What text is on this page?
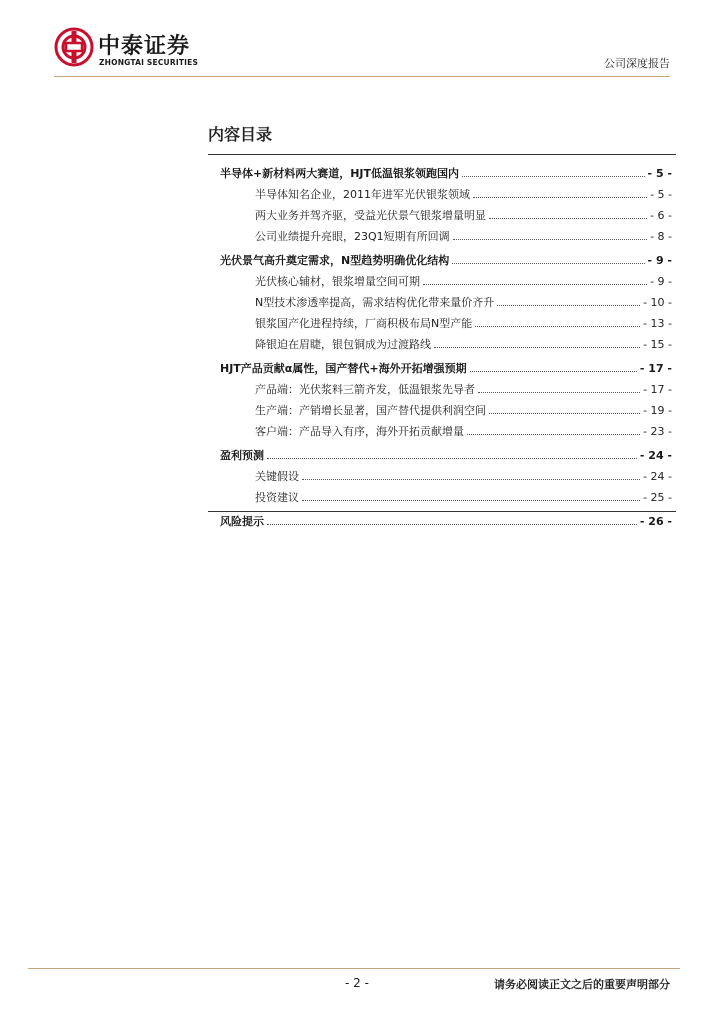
中泰证券
ZHONGTAI SECURITIES	公司深度报告
内容目录
半导体+新材料两大赛道，HJT低温银浆领跑国内	- 5 -
半导体知名企业，2011年进军光伏银浆领域	- 5 -
两大业务并驾齐驱，受益光伏景气银浆增量明显	- 6 -
公司业绩提升亮眼，23Q1短期有所回调	- 8 -
光伏景气高升奠定需求，N型趋势明确优化结构	- 9 -
光伏核心辅材，银浆增量空间可期	- 9 -
N型技术渗透率提高，需求结构优化带来量价齐升	- 10 -
银浆国产化进程持续，厂商积极布局N型产能	- 13 -
降银迫在眉睫，银包铜成为过渡路线	- 15 -
HJT产品贡献α属性，国产替代+海外开拓增强预期	- 17 -
产品端：光伏浆料三箭齐发，低温银浆先导者	- 17 -
生产端：产销增长显著，国产替代提供利润空间	- 19 -
客户端：产品导入有序，海外开拓贡献增量	- 23 -
盈利预测	- 24 -
关键假设	- 24 -
投资建议	- 25 -
风险提示	- 26 -
- 2 -	请务必阅读正文之后的重要声明部分
